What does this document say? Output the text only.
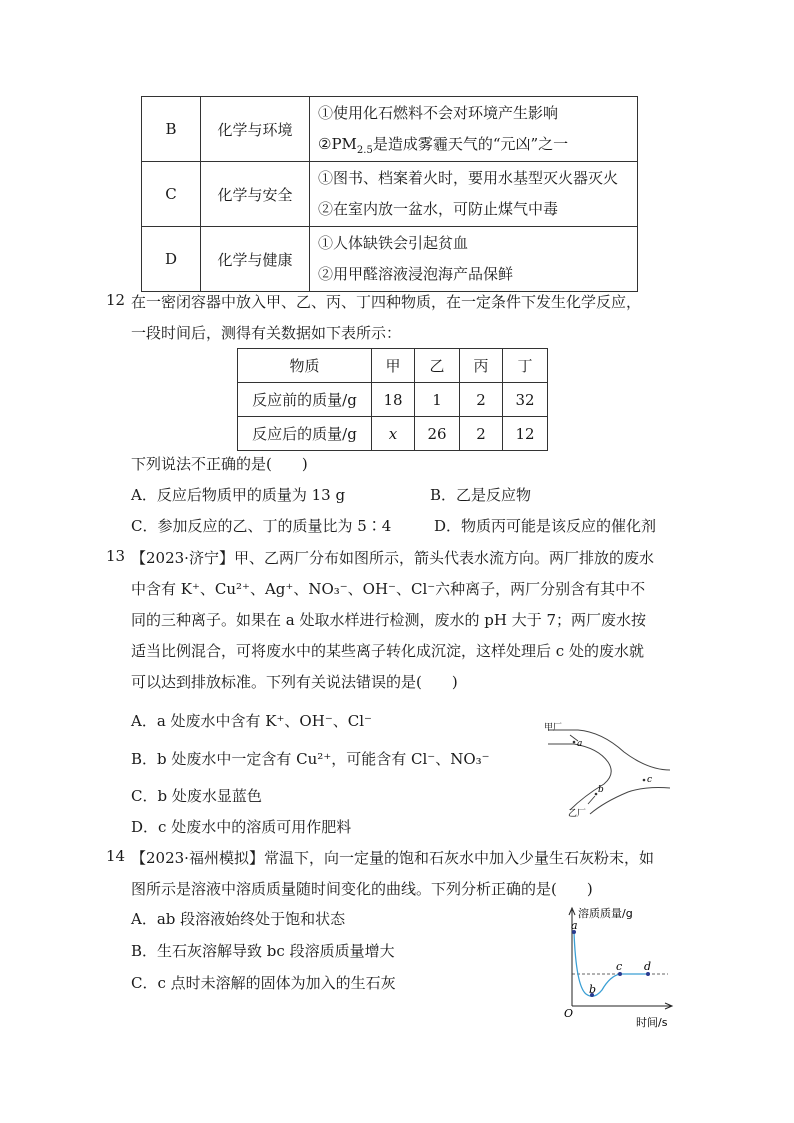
B	化学与环境	①使用化石燃料不会对环境产生影响
$②PM_{2.5}$是造成雾霾天气的“元凶”之一

C	化学与安全	①图书、档案着火时，要用水基型灭火器灭火
②在室内放一盆水，可防止煤气中毒

D	化学与健康	①人体缺铁会引起贫血
②用甲醛溶液浸泡海产品保鲜
12 在一密闭容器中放入甲、乙、丙、丁四种物质，在一定条件下发生化学反应，
一段时间后，测得有关数据如下表所示：
物质	甲	乙	丙	丁
反应前的质量/g	18	1	2	32
反应后的质量/g	x	26	2	12
下列说法不正确的是(　　)
A．反应后物质甲的质量为 13 g	B．乙是反应物
C．参加反应的乙、丁的质量比为 5∶4	D．物质丙可能是该反应的催化剂
13 【2023·济宁】甲、乙两厂分布如图所示，箭头代表水流方向。两厂排放的废水
中含有 K⁺、Cu²⁺、Ag⁺、NO₃⁻、OH⁻、Cl⁻六种离子，两厂分别含有其中不
同的三种离子。如果在 a 处取水样进行检测，废水的 pH 大于 7；两厂废水按
适当比例混合，可将废水中的某些离子转化成沉淀，这样处理后 c 处的废水就
可以达到排放标准。下列有关说法错误的是(　　)
A．a 处废水中含有 K⁺、OH⁻、Cl⁻
B．b 处废水中一定含有 Cu²⁺，可能含有 Cl⁻、NO₃⁻
C．b 处废水显蓝色
D．c 处废水中的溶质可用作肥料
甲厂
乙厂
a
b
c
14 【2023·福州模拟】常温下，向一定量的饱和石灰水中加入少量生石灰粉末，如
图所示是溶液中溶质质量随时间变化的曲线。下列分析正确的是(　　)
A．ab 段溶液始终处于饱和状态
B．生石灰溶解导致 bc 段溶质质量增大
C．c 点时未溶解的固体为加入的生石灰
a
b
c d
溶质质量/g
O
时间/s
